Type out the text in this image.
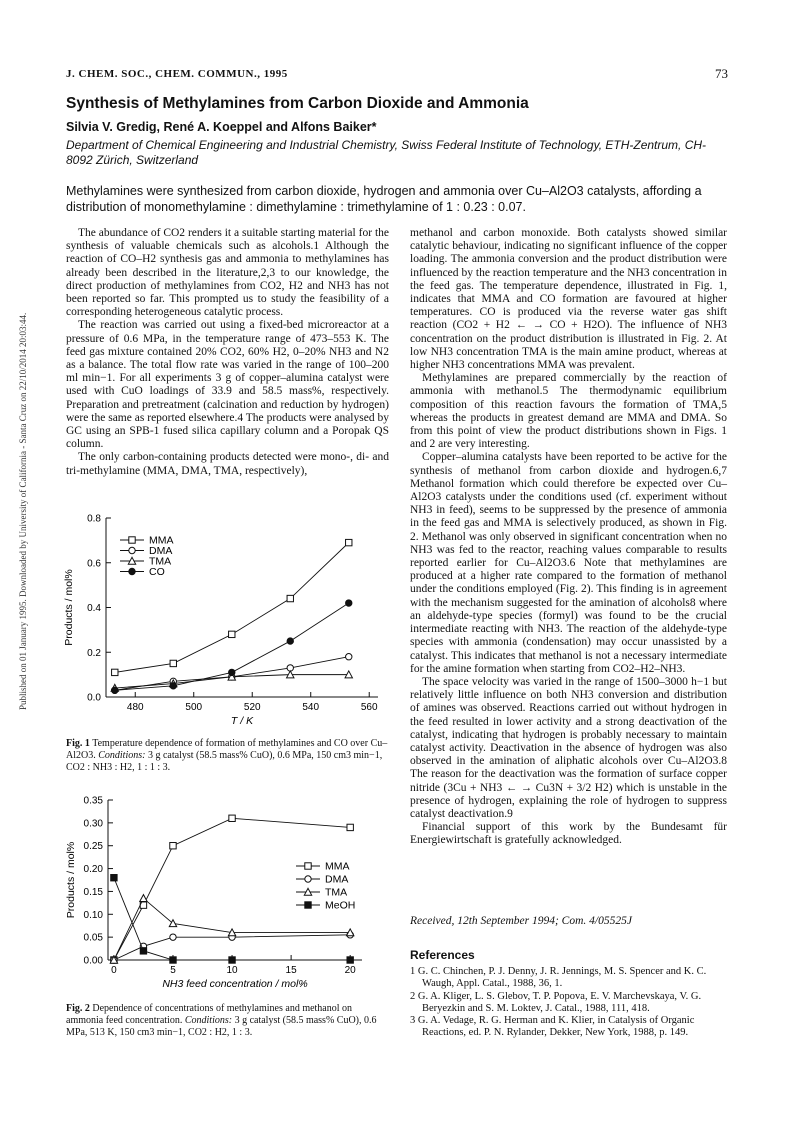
Published on 01 January 1995. Downloaded by University of California - Santa Cruz on 22/10/2014 20:03:44.
J. CHEM. SOC., CHEM. COMMUN., 1995	73
Synthesis of Methylamines from Carbon Dioxide and Ammonia
Silvia V. Gredig, René A. Koeppel and Alfons Baiker*
Department of Chemical Engineering and Industrial Chemistry, Swiss Federal Institute of Technology, ETH-Zentrum, CH-8092 Zürich, Switzerland
Methylamines were synthesized from carbon dioxide, hydrogen and ammonia over Cu–Al2O3 catalysts, affording a distribution of monomethylamine : dimethylamine : trimethylamine of 1 : 0.23 : 0.07.

The abundance of CO2 renders it a suitable starting material for the synthesis of valuable chemicals such as alcohols.1 Although the reaction of CO–H2 synthesis gas and ammonia to methylamines has already been described in the literature,2,3 to our knowledge, the direct production of methylamines from CO2, H2 and NH3 has not been reported so far. This prompted us to study the feasibility of a corresponding heterogeneous catalytic process.

The reaction was carried out using a fixed-bed microreactor at a pressure of 0.6 MPa, in the temperature range of 473–553 K. The feed gas mixture contained 20% CO2, 60% H2, 0–20% NH3 and N2 as a balance. The total flow rate was varied in the range of 100–200 ml min−1. For all experiments 3 g of copper–alumina catalyst were used with CuO loadings of 33.9 and 58.5 mass%, respectively. Preparation and pretreatment (calcination and reduction by hydrogen) were the same as reported elsewhere.4 The products were analysed by GC using an SPB-1 fused silica capillary column and a Poropak QS column.

The only carbon-containing products detected were mono-, di- and tri-methylamine (MMA, DMA, TMA, respectively),

0.0
0.2
0.4
0.6
0.8
480	500	520	540	560
T / K
Products / mol%
MMA
DMA
TMA
CO
Fig. 1 Temperature dependence of formation of methylamines and CO over Cu–Al2O3. Conditions: 3 g catalyst (58.5 mass% CuO), 0.6 MPa, 150 cm3 min−1, CO2 : NH3 : H2, 1 : 1 : 3.
0.00
0.05
0.10
0.15
0.20
0.25
0.30
0.35
0	5	10	15	20
NH3 feed concentration / mol%
Products / mol%	MMA
DMA
TMA
MeOH
Fig. 2 Dependence of concentrations of methylamines and methanol on ammonia feed concentration. Conditions: 3 g catalyst (58.5 mass% CuO), 0.6 MPa, 513 K, 150 cm3 min−1, CO2 : H2, 1 : 3.

methanol and carbon monoxide. Both catalysts showed similar catalytic behaviour, indicating no significant influence of the copper loading. The ammonia conversion and the product distribution were influenced by the reaction temperature and the NH3 concentration in the feed gas. The temperature dependence, illustrated in Fig. 1, indicates that MMA and CO formation are favoured at higher temperatures. CO is produced via the reverse water gas shift reaction (CO2 + H2 ← → CO + H2O). The influence of NH3 concentration on the product distribution is illustrated in Fig. 2. At low NH3 concentration TMA is the main amine product, whereas at higher NH3 concentrations MMA was prevalent.

Methylamines are prepared commercially by the reaction of ammonia with methanol.5 The thermodynamic equilibrium composition of this reaction favours the formation of TMA,5 whereas the products in greatest demand are MMA and DMA. So from this point of view the product distributions shown in Figs. 1 and 2 are very interesting.

Copper–alumina catalysts have been reported to be active for the synthesis of methanol from carbon dioxide and hydrogen.6,7 Methanol formation which could therefore be expected over Cu–Al2O3 catalysts under the conditions used (cf. experiment without NH3 in feed), seems to be suppressed by the presence of ammonia in the feed gas and MMA is selectively produced, as shown in Fig. 2. Methanol was only observed in significant concentration when no NH3 was fed to the reactor, reaching values comparable to results reported earlier for Cu–Al2O3.6 Note that methylamines are produced at a higher rate compared to the formation of methanol under the conditions employed (Fig. 2). This finding is in agreement with the mechanism suggested for the amination of alcohols8 where an aldehyde-type species (formyl) was found to be the crucial intermediate reacting with NH3. The reaction of the aldehyde-type species with ammonia (condensation) may occur unassisted by a catalyst. This indicates that methanol is not a necessary intermediate for the amine formation when starting from CO2–H2–NH3.

The space velocity was varied in the range of 1500–3000 h−1 but relatively little influence on both NH3 conversion and distribution of amines was observed. Reactions carried out without hydrogen in the feed resulted in lower activity and a strong deactivation of the catalyst, indicating that hydrogen is probably necessary to maintain catalyst activity. Deactivation in the absence of hydrogen was also observed in the amination of aliphatic alcohols over Cu–Al2O3.8 The reason for the deactivation was the formation of surface copper nitride (3Cu + NH3 ← → Cu3N + 3/2 H2) which is unstable in the presence of hydrogen, explaining the role of hydrogen to suppress catalyst deactivation.9

Financial support of this work by the Bundesamt für Energiewirtschaft is gratefully acknowledged.

Received, 12th September 1994; Com. 4/05525J
References
1 G. C. Chinchen, P. J. Denny, J. R. Jennings, M. S. Spencer and K. C. Waugh, Appl. Catal., 1988, 36, 1.
2 G. A. Kliger, L. S. Glebov, T. P. Popova, E. V. Marchevskaya, V. G. Beryezkin and S. M. Loktev, J. Catal., 1988, 111, 418.
3 G. A. Vedage, R. G. Herman and K. Klier, in Catalysis of Organic Reactions, ed. P. N. Rylander, Dekker, New York, 1988, p. 149.
